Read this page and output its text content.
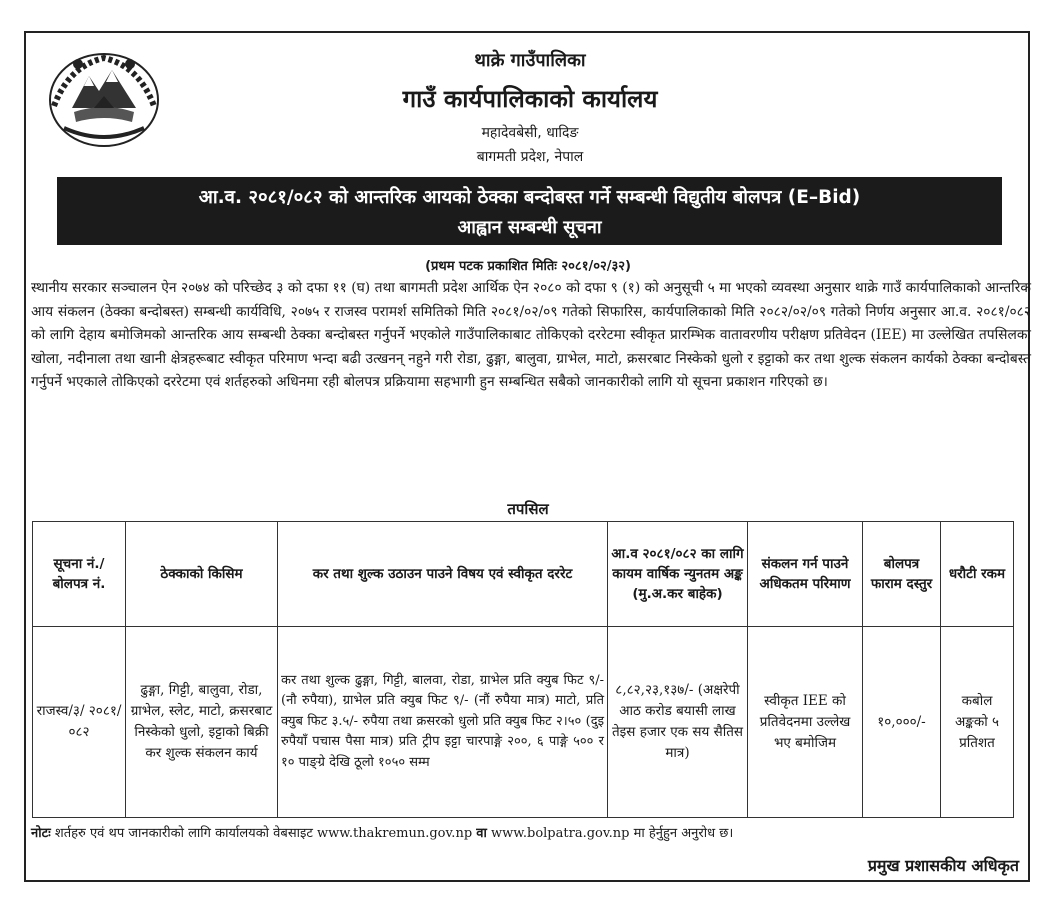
थाक्रे गाउँपालिका
गाउँ कार्यपालिकाको कार्यालय
महादेवबेसी, धादिङ
बागमती प्रदेश, नेपाल
आ.व. २०८१/०८२ को आन्तरिक आयको ठेक्का बन्दोबस्त गर्ने सम्बन्धी विद्युतीय बोलपत्र (E–Bid)
आह्वान सम्बन्धी सूचना
(प्रथम पटक प्रकाशित मितिः २०८१/०२/३२)
स्थानीय सरकार सञ्चालन ऐन २०७४ को परिच्छेद ३ को दफा ११ (घ) तथा बागमती प्रदेश आर्थिक ऐन २०८० को दफा ९ (१) को अनुसूची ५ मा भएको व्यवस्था अनुसार थाक्रे गाउँ कार्यपालिकाको आन्तरिक आय संकलन (ठेक्का बन्दोबस्त) सम्बन्धी कार्यविधि, २०७५ र राजस्व परामर्श समितिको मिति २०८१/०२/०९ गतेको सिफारिस, कार्यपालिकाको मिति २०८२/०२/०९ गतेको निर्णय अनुसार आ.व. २०८१/०८२ को लागि देहाय बमोजिमको आन्तरिक आय सम्बन्धी ठेक्का बन्दोबस्त गर्नुपर्ने भएकोले गाउँपालिकाबाट तोकिएको दररेटमा स्वीकृत प्रारम्भिक वातावरणीय परीक्षण प्रतिवेदन (IEE) मा उल्लेखित तपसिलका खोला, नदीनाला तथा खानी क्षेत्रहरूबाट स्वीकृत परिमाण भन्दा बढी उत्खनन् नहुने गरी रोडा, ढुङ्गा, बालुवा, ग्राभेल, माटो, क्रसरबाट निस्केको धुलो र इट्टाको कर तथा शुल्क संकलन कार्यको ठेक्का बन्दोबस्त गर्नुपर्ने भएकाले तोकिएको दररेटमा एवं शर्तहरुको अधिनमा रही बोलपत्र प्रक्रियामा सहभागी हुन सम्बन्धित सबैको जानकारीको लागि यो सूचना प्रकाशन गरिएको छ।
तपसिल
सूचना नं./ बोलपत्र नं.	ठेक्काको किसिम	कर तथा शुल्क उठाउन पाउने विषय एवं स्वीकृत दररेट	आ.व २०८१/०८२ का लागि कायम वार्षिक न्युनतम अङ्क (मु.अ.कर बाहेक)	संकलन गर्न पाउने अधिकतम परिमाण	बोलपत्र फाराम दस्तुर	धरौटी रकम
राजस्व/३/ २०८१/ ०८२	ढुङ्गा, गिट्टी, बालुवा, रोडा, ग्राभेल, स्लेट, माटो, क्रसरबाट निस्केको धुलो, इट्टाको बिक्री कर शुल्क संकलन कार्य	कर तथा शुल्क ढुङ्गा, गिट्टी, बालवा, रोडा, ग्राभेल प्रति क्युब फिट ९/- (नौ रुपैया), ग्राभेल प्रति क्युब फिट ९/- (नौं रुपैया मात्र) माटो, प्रति क्युब फिट ३.५/- रुपैया तथा क्रसरको धुलो प्रति क्युब फिट २।५० (दुइ रुपैयाँ पचास पैसा मात्र) प्रति ट्रीप इट्टा चारपाङ्गे २००, ६ पाङ्गे ५०० र १० पाङ्ग्रे देखि ठूलो १०५० सम्म	८,८२,२३,१३७/- (अक्षरेपी आठ करोड बयासी लाख तेइस हजार एक सय सैतिस मात्र)	स्वीकृत IEE को प्रतिवेदनमा उल्लेख भए बमोजिम	१०,०००/-	कबोल अङ्कको ५ प्रतिशत
नोटः शर्तहरु एवं थप जानकारीको लागि कार्यालयको वेबसाइट www.thakremun.gov.np वा www.bolpatra.gov.np मा हेर्नुहुन अनुरोध छ।
प्रमुख प्रशासकीय अधिकृत
